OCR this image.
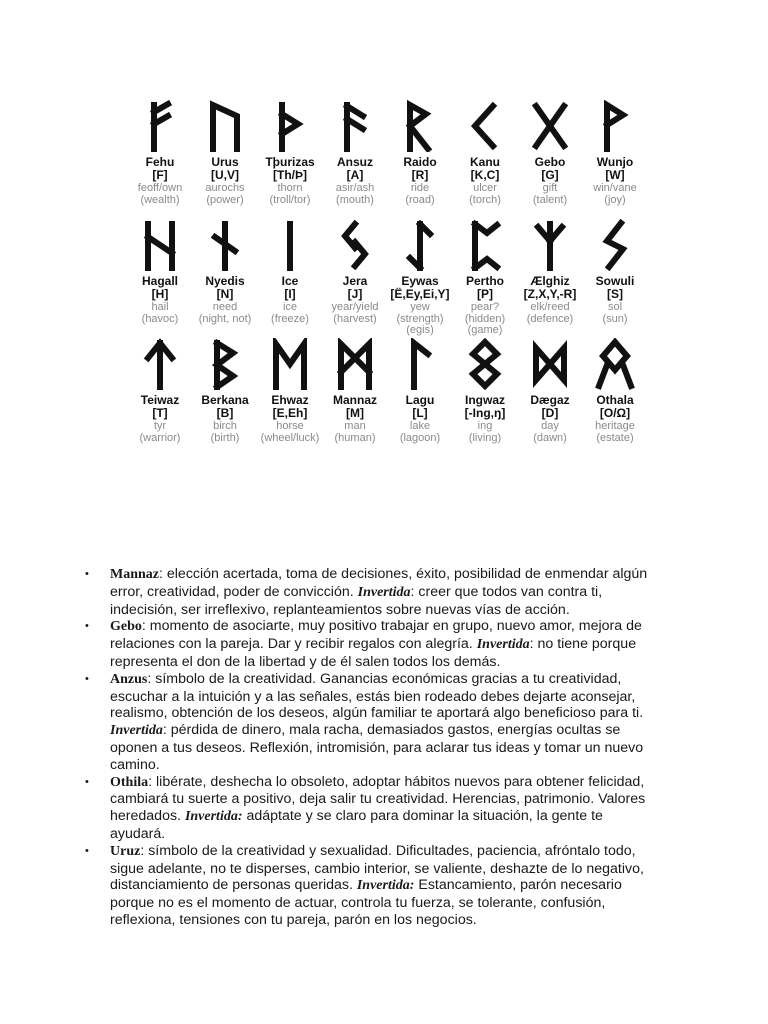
Fehu
[F]
feoff/own
(wealth)
Urus
[U,V]
aurochs
(power)
Tþurizas
[Th/Þ]
thorn
(troll/tor)
Ansuz
[A]
asir/ash
(mouth)
Raido
[R]
ride
(road)
Kanu
[K,C]
ulcer
(torch)
Gebo
[G]
gift
(talent)
Wunjo
[W]
win/vane
(joy)
Hagall
[H]
hail
(havoc)
Nyedis
[N]
need
(night, not)
Ice
[I]
ice
(freeze)
Jera
[J]
year/yield
(harvest)
Eywas
[Ë,Ey,Ei,Y]
yew
(strength)
(egis)
Pertho
[P]
pear?
(hidden)
(game)
Ælghiz
[Z,X,Y,-R]
elk/reed
(defence)
Sowuli
[S]
sol
(sun)
Teiwaz
[T]
tyr
(warrior)
Berkana
[B]
birch
(birth)
Ehwaz
[E,Eh]
horse
(wheel/luck)
Mannaz
[M]
man
(human)
Lagu
[L]
lake
(lagoon)
Ingwaz
[-Ing,ŋ]
ing
(living)
Dægaz
[D]
day
(dawn)
Othala
[O/Ω]
heritage
(estate)
• Mannaz: elección acertada, toma de decisiones, éxito, posibilidad de enmendar algún error, creatividad, poder de convicción. Invertida: creer que todos van contra ti, indecisión, ser irreflexivo, replanteamientos sobre nuevas vías de acción.
• Gebo: momento de asociarte, muy positivo trabajar en grupo, nuevo amor, mejora de relaciones con la pareja. Dar y recibir regalos con alegría. Invertida: no tiene porque representa el don de la libertad y de él salen todos los demás.
• Anzus: símbolo de la creatividad. Ganancias económicas gracias a tu creatividad, escuchar a la intuición y a las señales, estás bien rodeado debes dejarte aconsejar, realismo, obtención de los deseos, algún familiar te aportará algo beneficioso para ti. Invertida: pérdida de dinero, mala racha, demasiados gastos, energías ocultas se oponen a tus deseos. Reflexión, intromisión, para aclarar tus ideas y tomar un nuevo camino.
• Othila: libérate, deshecha lo obsoleto, adoptar hábitos nuevos para obtener felicidad, cambiará tu suerte a positivo, deja salir tu creatividad. Herencias, patrimonio. Valores heredados. Invertida: adáptate y se claro para dominar la situación, la gente te ayudará.
• Uruz: símbolo de la creatividad y sexualidad. Dificultades, paciencia, afróntalo todo, sigue adelante, no te disperses, cambio interior, se valiente, deshazte de lo negativo, distanciamiento de personas queridas. Invertida: Estancamiento, parón necesario porque no es el momento de actuar, controla tu fuerza, se tolerante, confusión, reflexiona, tensiones con tu pareja, parón en los negocios.
